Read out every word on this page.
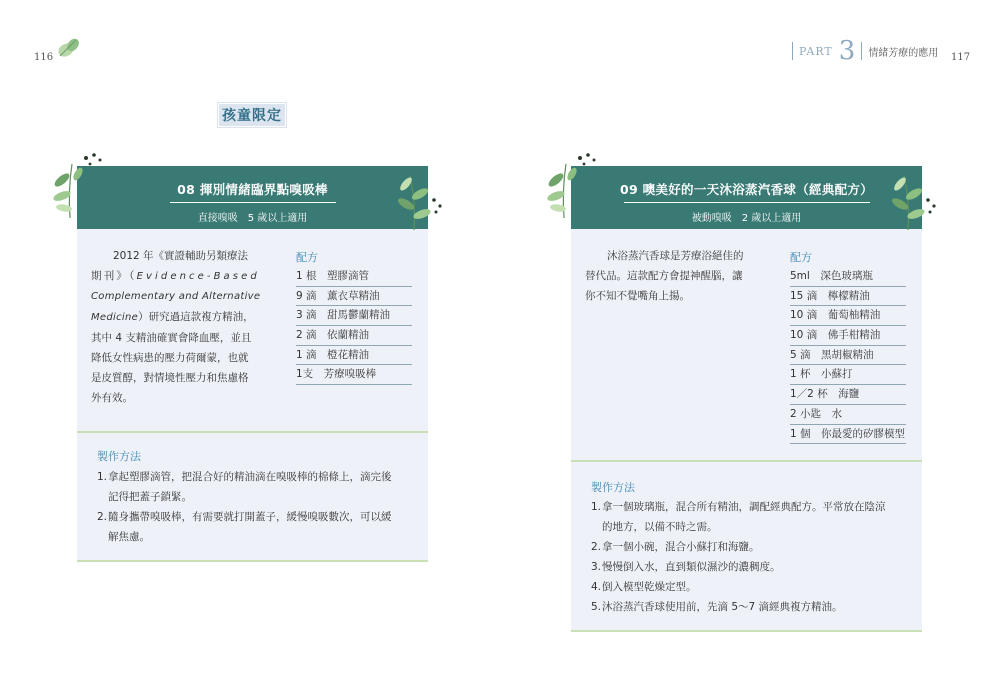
116
孩童限定
08 揮別情緒臨界點嗅吸棒
直接嗅吸　5 歲以上適用
2012 年《實證輔助另類療法
期刊》（Evidence-Based
Complementary and Alternative
Medicine）研究過這款複方精油，
其中 4 支精油確實會降血壓，並且
降低女性病患的壓力荷爾蒙，也就
是皮質醇，對情境性壓力和焦慮格
外有效。
配方
1 根　塑膠滴管
9 滴　薰衣草精油
3 滴　甜馬鬱蘭精油
2 滴　依蘭精油
1 滴　橙花精油
1支　芳療嗅吸棒
製作方法
1.拿起塑膠滴管，把混合好的精油滴在嗅吸棒的棉條上，滴完後
記得把蓋子鎖緊。
2.隨身攜帶嗅吸棒，有需要就打開蓋子，緩慢嗅吸數次，可以緩
解焦慮。
PART 3 情緒芳療的應用 117
09 噢美好的一天沐浴蒸汽香球（經典配方）
被動嗅吸　2 歲以上適用
沐浴蒸汽香球是芳療浴絕佳的
替代品。這款配方會提神醒腦，讓
你不知不覺嘴角上揚。
配方
5ml　深色玻璃瓶
15 滴　檸檬精油
10 滴　葡萄柚精油
10 滴　佛手柑精油
5 滴　黑胡椒精油
1 杯　小蘇打
1／2 杯　海鹽
2 小匙　水
1 個　你最愛的矽膠模型
製作方法
1.拿一個玻璃瓶，混合所有精油，調配經典配方。平常放在陰涼
的地方，以備不時之需。
2.拿一個小碗，混合小蘇打和海鹽。
3.慢慢倒入水，直到類似濕沙的濃稠度。
4.倒入模型乾燥定型。
5.沐浴蒸汽香球使用前，先滴 5～7 滴經典複方精油。
